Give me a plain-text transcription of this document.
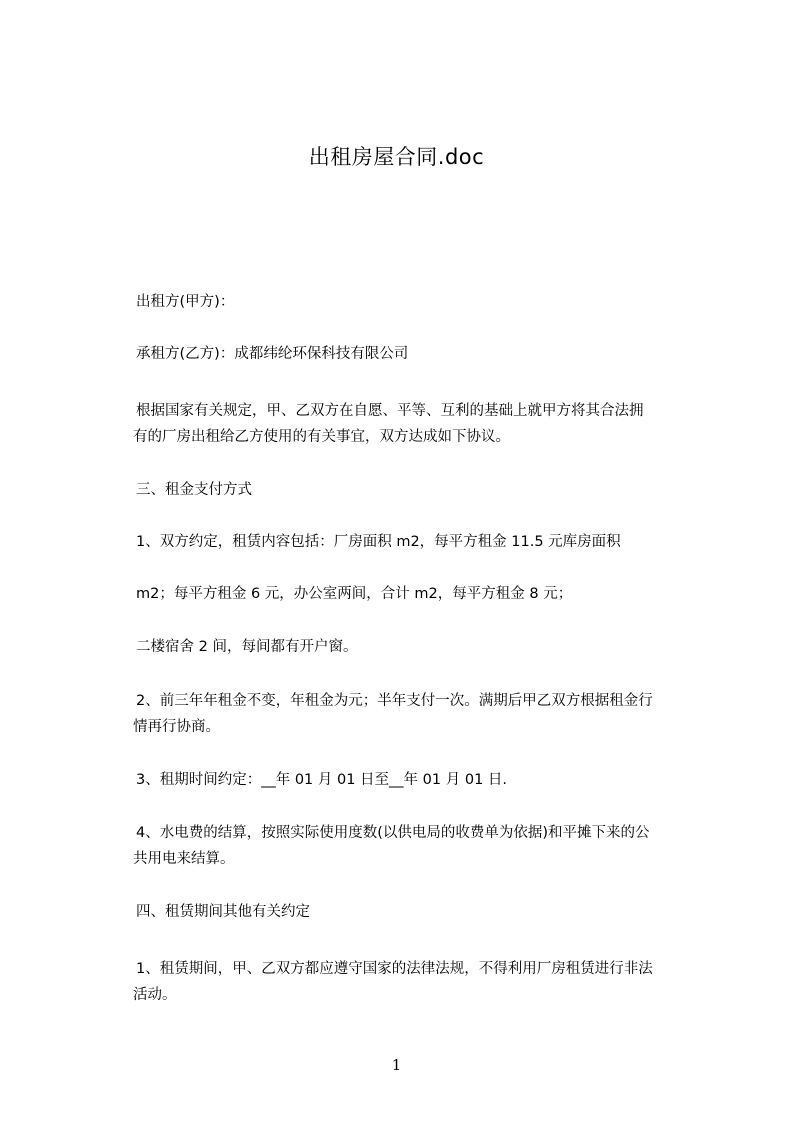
出租房屋合同.doc
出租方(甲方)：
承租方(乙方)：成都纬纶环保科技有限公司
根据国家有关规定，甲、乙双方在自愿、平等、互利的基础上就甲方将其合法拥
有的厂房出租给乙方使用的有关事宜，双方达成如下协议。
三、租金支付方式
1、双方约定，租赁内容包括：厂房面积 m2，每平方租金 11.5 元库房面积
m2；每平方租金 6 元，办公室两间，合计 m2，每平方租金 8 元；
二楼宿舍 2 间，每间都有开户窗。
2、前三年年租金不变，年租金为元；半年支付一次。满期后甲乙双方根据租金行
情再行协商。
3、租期时间约定：__年 01 月 01 日至__年 01 月 01 日.
4、水电费的结算，按照实际使用度数(以供电局的收费单为依据)和平摊下来的公
共用电来结算。
四、租赁期间其他有关约定
1、租赁期间，甲、乙双方都应遵守国家的法律法规，不得利用厂房租赁进行非法
活动。
1
